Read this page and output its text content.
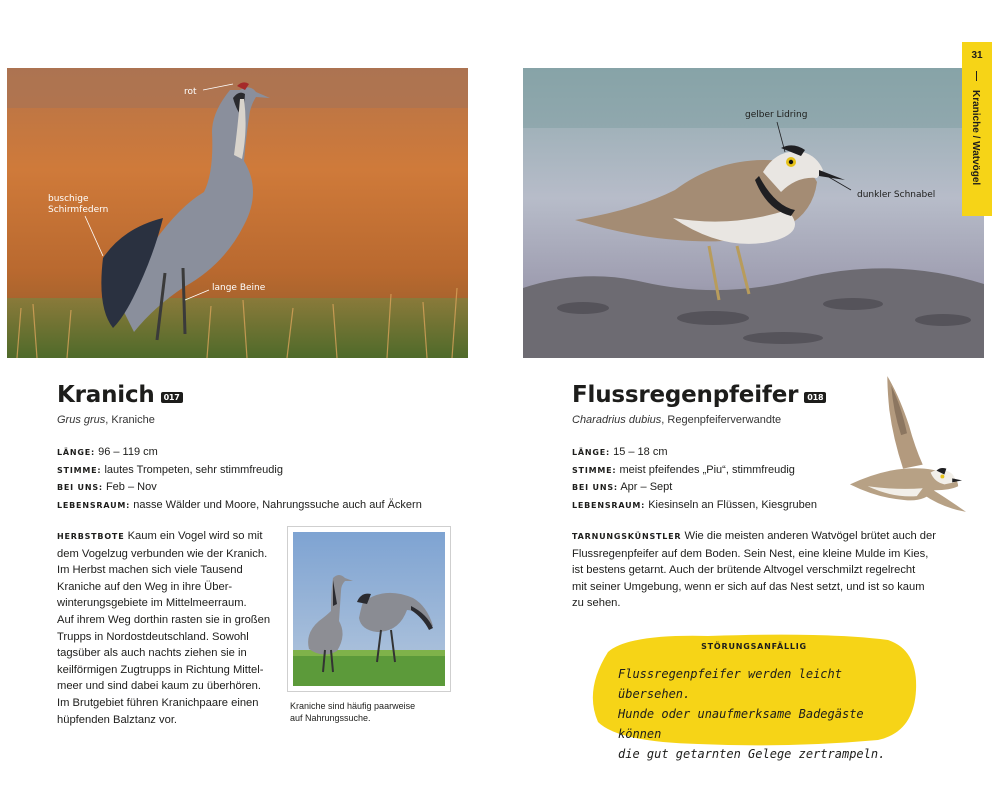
rot
buschige
Schirmfedern
lange Beine
gelber Lidring
dunkler Schnabel
31
Kraniche / Watvögel
Kranich	017
Grus grus, Kraniche
LÄNGE: 96 – 119 cm
STIMME: lautes Trompeten, sehr stimmfreudig
BEI UNS: Feb – Nov
LEBENSRAUM: nasse Wälder und Moore, Nahrungssuche auch auf Äckern
HERBSTBOTE Kaum ein Vogel wird so mit
dem Vogelzug verbunden wie der Kranich.
Im Herbst machen sich viele Tausend
Kraniche auf den Weg in ihre Über-
winterungsgebiete im Mittelmeerraum.
Auf ihrem Weg dorthin rasten sie in großen
Trupps in Nordostdeutschland. Sowohl
tagsüber als auch nachts ziehen sie in
keilförmigen Zugtrupps in Richtung Mittel-
meer und sind dabei kaum zu überhören.
Im Brutgebiet führen Kranichpaare einen
hüpfenden Balztanz vor.
Kraniche sind häufig paarweise
auf Nahrungssuche.
Flussregenpfeifer	018
Charadrius dubius, Regenpfeiferverwandte
LÄNGE: 15 – 18 cm
STIMME: meist pfeifendes „Piu“, stimmfreudig
BEI UNS: Apr – Sept
LEBENSRAUM: Kiesinseln an Flüssen, Kiesgruben
TARNUNGSKÜNSTLER Wie die meisten anderen Watvögel brütet auch der
Flussregenpfeifer auf dem Boden. Sein Nest, eine kleine Mulde im Kies,
ist bestens getarnt. Auch der brütende Altvogel verschmilzt regelrecht
mit seiner Umgebung, wenn er sich auf das Nest setzt, und ist so kaum
zu sehen.
STÖRUNGSANFÄLLIG
Flussregenpfeifer werden leicht übersehen.
Hunde oder unaufmerksame Badegäste können
die gut getarnten Gelege zertrampeln.
